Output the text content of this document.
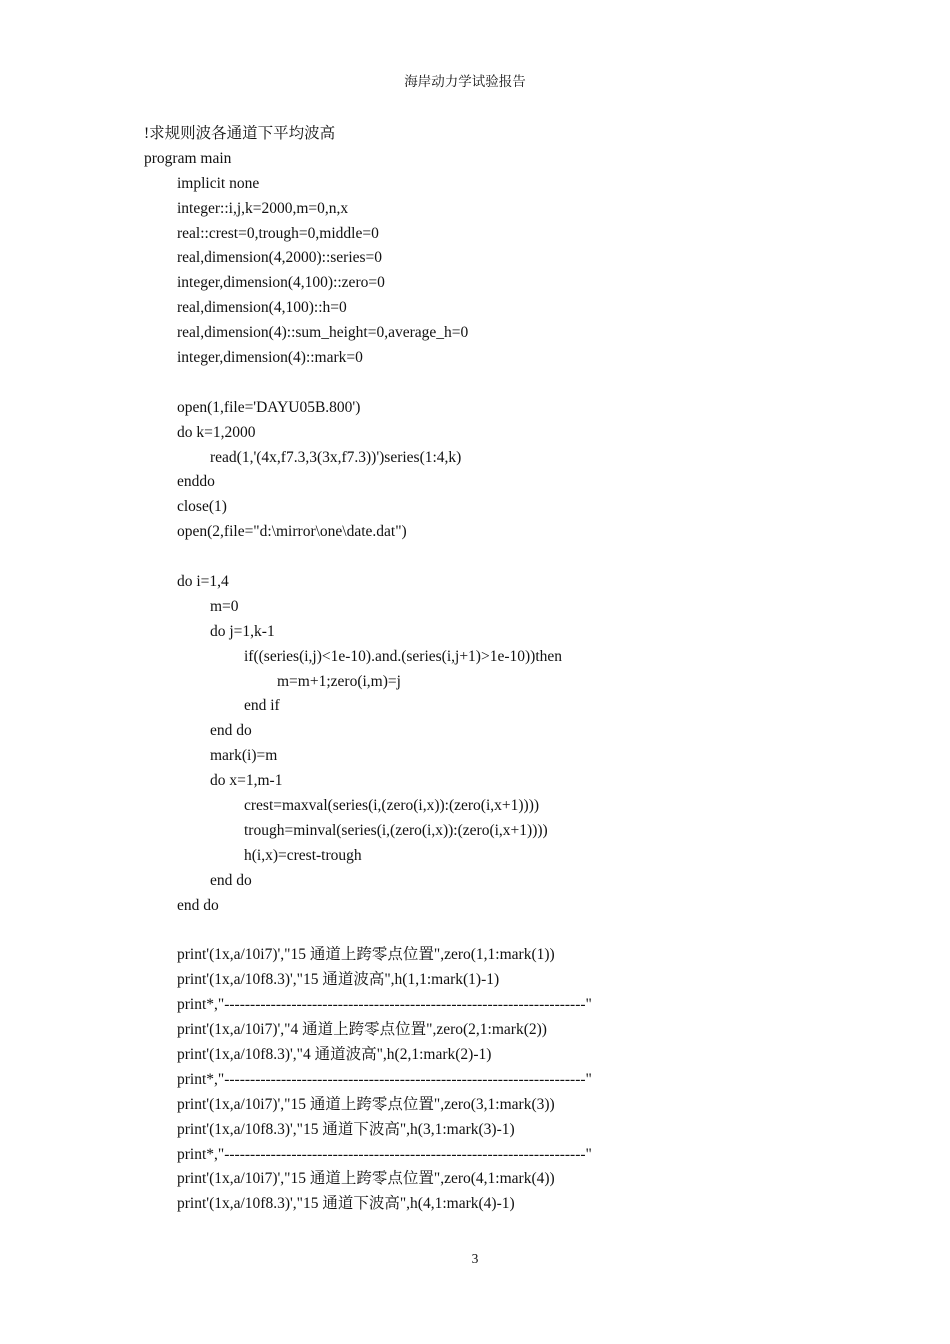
海岸动力学试验报告
!求规则波各通道下平均波高
program main
implicit none
integer::i,j,k=2000,m=0,n,x
real::crest=0,trough=0,middle=0
real,dimension(4,2000)::series=0
integer,dimension(4,100)::zero=0
real,dimension(4,100)::h=0
real,dimension(4)::sum_height=0,average_h=0
integer,dimension(4)::mark=0
open(1,file='DAYU05B.800')
do k=1,2000
read(1,'(4x,f7.3,3(3x,f7.3))')series(1:4,k)
enddo
close(1)
open(2,file="d:\mirror\one\date.dat")
do i=1,4
m=0
do j=1,k-1
if((series(i,j)<1e-10).and.(series(i,j+1)>1e-10))then
m=m+1;zero(i,m)=j
end if
end do
mark(i)=m
do x=1,m-1
crest=maxval(series(i,(zero(i,x)):(zero(i,x+1))))
trough=minval(series(i,(zero(i,x)):(zero(i,x+1))))
h(i,x)=crest-trough
end do
end do
print'(1x,a/10i7)',"15 通道上跨零点位置",zero(1,1:mark(1))
print'(1x,a/10f8.3)',"15 通道波高",h(1,1:mark(1)-1)
print*,"----------------------------------------------------------------------"
print'(1x,a/10i7)',"4 通道上跨零点位置",zero(2,1:mark(2))
print'(1x,a/10f8.3)',"4 通道波高",h(2,1:mark(2)-1)
print*,"----------------------------------------------------------------------"
print'(1x,a/10i7)',"15 通道上跨零点位置",zero(3,1:mark(3))
print'(1x,a/10f8.3)',"15 通道下波高",h(3,1:mark(3)-1)
print*,"----------------------------------------------------------------------"
print'(1x,a/10i7)',"15 通道上跨零点位置",zero(4,1:mark(4))
print'(1x,a/10f8.3)',"15 通道下波高",h(4,1:mark(4)-1)
3
